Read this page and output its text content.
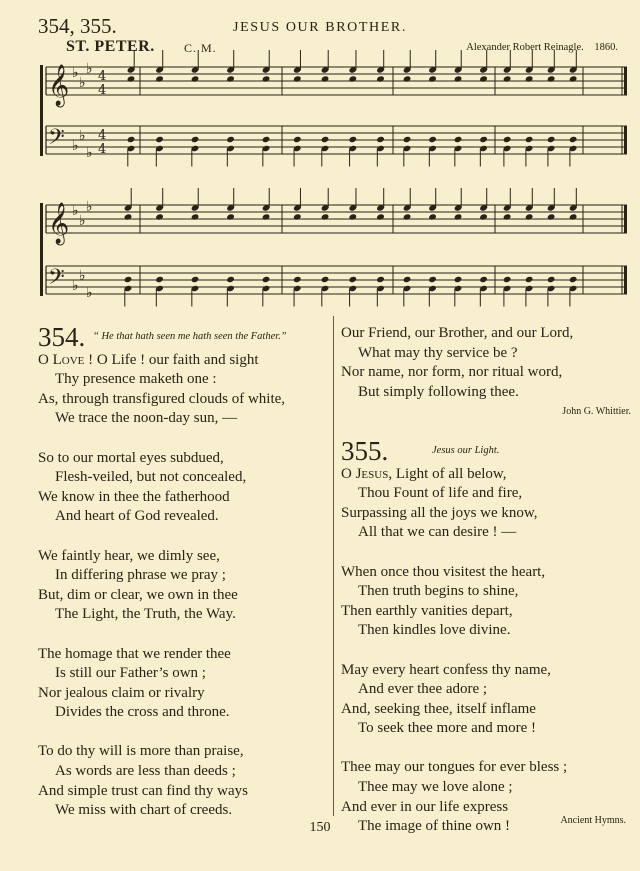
354, 355.	JESUS OUR BROTHER.
ST. PETER. C. M.	Alexander Robert Reinagle. 1860.
𝄞 ♭
♭
♭ 4
4
𝄢 ♭
♭
♭
4
4
𝄞 ♭
♭
♭
𝄢 ♭
♭
♭
354. $^{“ He that hath seen me hath seen the Father.”}$
O Love ! O Life ! our faith and sight
Thy presence maketh one :
As, through transfigured clouds of white,
We trace the noon-day sun, —
So to our mortal eyes subdued,
Flesh-veiled, but not concealed,
We know in thee the fatherhood
And heart of God revealed.
We faintly hear, we dimly see,
In differing phrase we pray ;
But, dim or clear, we own in thee
The Light, the Truth, the Way.
The homage that we render thee
Is still our Father’s own ;
Nor jealous claim or rivalry
Divides the cross and throne.
To do thy will is more than praise,
As words are less than deeds ;
And simple trust can find thy ways
We miss with chart of creeds.
Our Friend, our Brother, and our Lord,
What may thy service be ?
Nor name, nor form, nor ritual word,
But simply following thee.
John G. Whittier.
355.	$^{Jesus our Light.}$
O Jesus, Light of all below,
Thou Fount of life and fire,
Surpassing all the joys we know,
All that we can desire ! —
When once thou visitest the heart,
Then truth begins to shine,
Then earthly vanities depart,
Then kindles love divine.
May every heart confess thy name,
And ever thee adore ;
And, seeking thee, itself inflame
To seek thee more and more !
Thee may our tongues for ever bless ;
Thee may we love alone ;
And ever in our life express
The image of thine own !
150	Ancient Hymns.
